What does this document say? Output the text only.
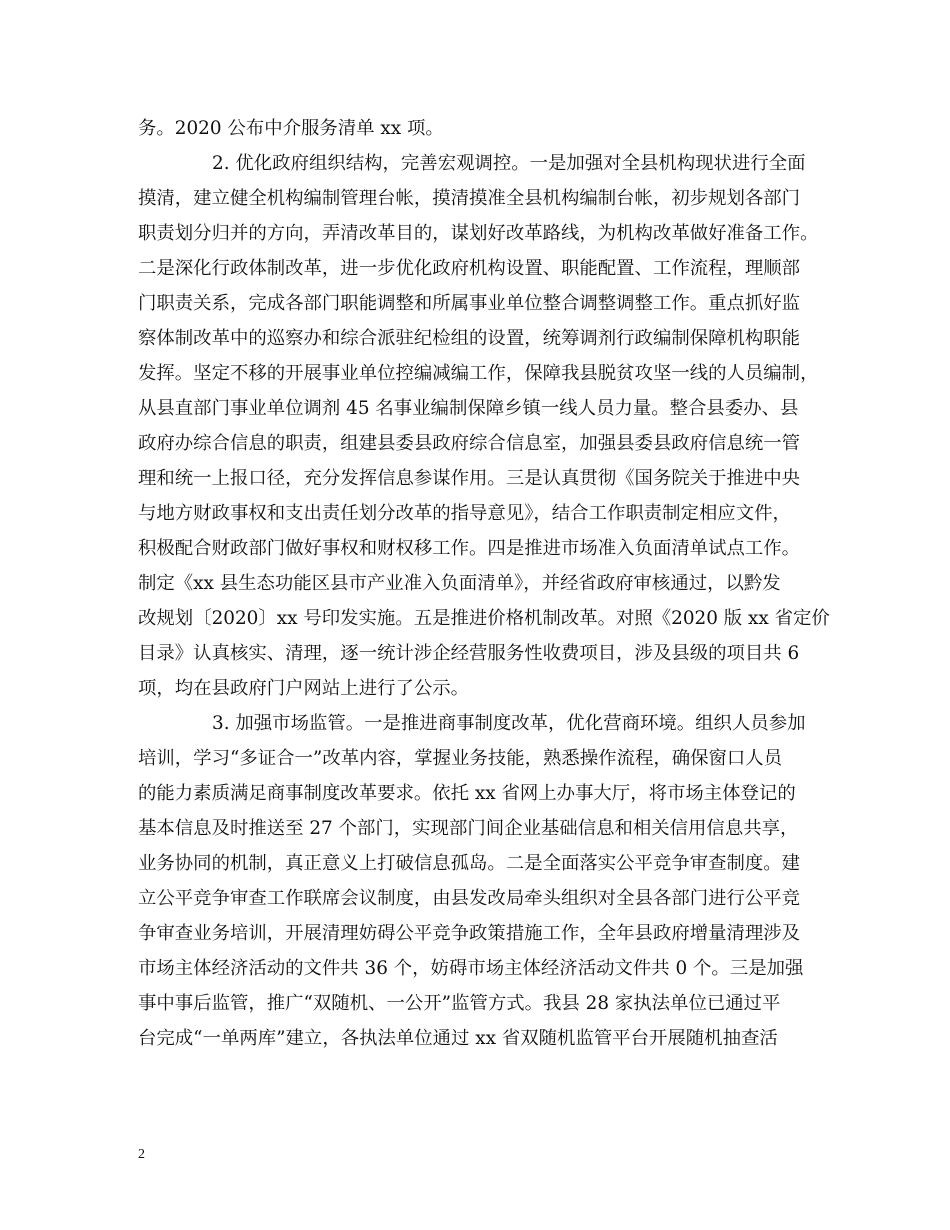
务。2020 公布中介服务清单 xx 项。
2. 优化政府组织结构，完善宏观调控。一是加强对全县机构现状进行全面
摸清，建立健全机构编制管理台帐，摸清摸准全县机构编制台帐，初步规划各部门
职责划分归并的方向，弄清改革目的，谋划好改革路线，为机构改革做好准备工作。
二是深化行政体制改革，进一步优化政府机构设置、职能配置、工作流程，理顺部
门职责关系，完成各部门职能调整和所属事业单位整合调整调整工作。重点抓好监
察体制改革中的巡察办和综合派驻纪检组的设置，统筹调剂行政编制保障机构职能
发挥。坚定不移的开展事业单位控编减编工作，保障我县脱贫攻坚一线的人员编制，
从县直部门事业单位调剂 45 名事业编制保障乡镇一线人员力量。整合县委办、县
政府办综合信息的职责，组建县委县政府综合信息室，加强县委县政府信息统一管
理和统一上报口径，充分发挥信息参谋作用。三是认真贯彻《国务院关于推进中央
与地方财政事权和支出责任划分改革的指导意见》，结合工作职责制定相应文件，
积极配合财政部门做好事权和财权移工作。四是推进市场准入负面清单试点工作。
制定《xx 县生态功能区县市产业准入负面清单》，并经省政府审核通过，以黔发
改规划〔2020〕xx 号印发实施。五是推进价格机制改革。对照《2020 版 xx 省定价
目录》认真核实、清理，逐一统计涉企经营服务性收费项目，涉及县级的项目共 6
项，均在县政府门户网站上进行了公示。
3. 加强市场监管。一是推进商事制度改革，优化营商环境。组织人员参加
培训，学习“多证合一”改革内容，掌握业务技能，熟悉操作流程，确保窗口人员
的能力素质满足商事制度改革要求。依托 xx 省网上办事大厅，将市场主体登记的
基本信息及时推送至 27 个部门，实现部门间企业基础信息和相关信用信息共享，
业务协同的机制，真正意义上打破信息孤岛。二是全面落实公平竞争审查制度。建
立公平竞争审查工作联席会议制度，由县发改局牵头组织对全县各部门进行公平竞
争审查业务培训，开展清理妨碍公平竞争政策措施工作，全年县政府增量清理涉及
市场主体经济活动的文件共 36 个，妨碍市场主体经济活动文件共 0 个。三是加强
事中事后监管，推广“双随机、一公开”监管方式。我县 28 家执法单位已通过平
台完成“一单两库”建立，各执法单位通过 xx 省双随机监管平台开展随机抽查活
2
